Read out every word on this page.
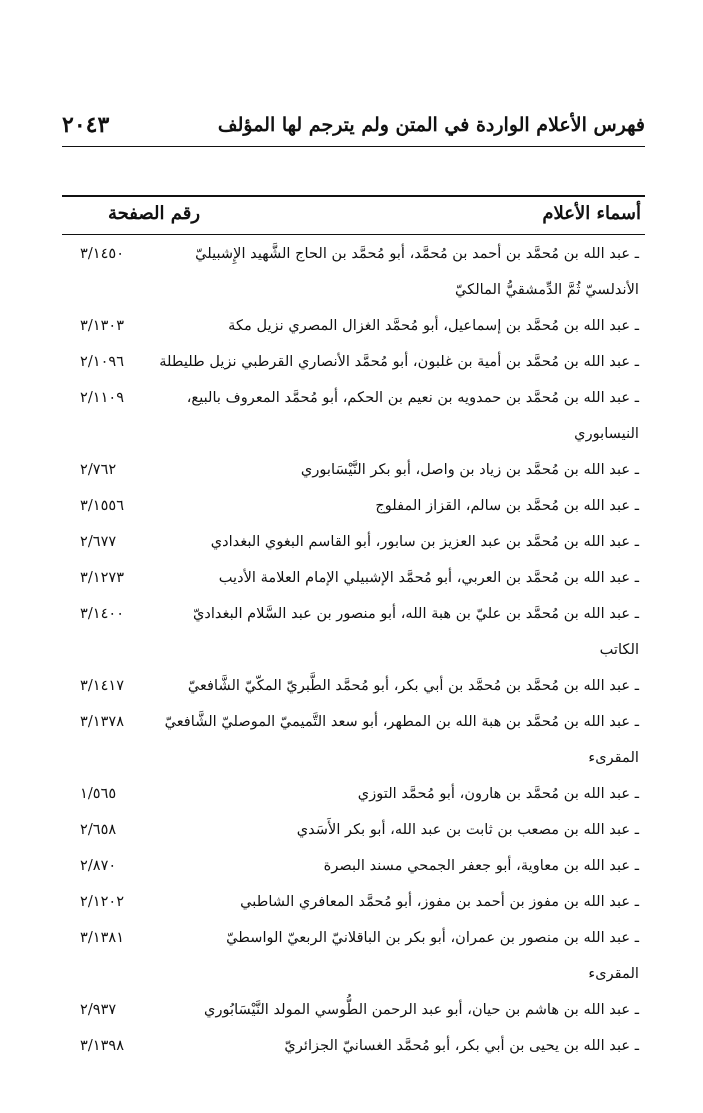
فهرس الأعلام الواردة في المتن ولم يترجم لها المؤلف
٢٠٤٣
أسماء الأعلام
رقم الصفحة
ـ عبد الله بن مُحمَّد بن أحمد بن مُحمَّد، أبو مُحمَّد بن الحاج الشَّهيد الإِشبيليّ
الأندلسيّ ثُمَّ الدِّمشقيُّ المالكيّ
٣/١٤٥٠
ـ عبد الله بن مُحمَّد بن إسماعيل، أبو مُحمَّد الغزال المصري نزيل مكة
٣/١٣٠٣
ـ عبد الله بن مُحمَّد بن أمية بن غلبون، أبو مُحمَّد الأنصاري القرطبي نزيل طليطلة
٢/١٠٩٦
ـ عبد الله بن مُحمَّد بن حمدويه بن نعيم بن الحكم، أبو مُحمَّد المعروف بالبيع،
النيسابوري
٢/١١٠٩
ـ عبد الله بن مُحمَّد بن زياد بن واصل، أبو بكر النَّيْسَابوري
٢/٧٦٢
ـ عبد الله بن مُحمَّد بن سالم، القزاز المفلوج
٣/١٥٥٦
ـ عبد الله بن مُحمَّد بن عبد العزيز بن سابور، أبو القاسم البغوي البغدادي
٢/٦٧٧
ـ عبد الله بن مُحمَّد بن العربي، أبو مُحمَّد الإشبيلي الإمام العلامة الأديب
٣/١٢٧٣
ـ عبد الله بن مُحمَّد بن عليّ بن هبة الله، أبو منصور بن عبد السَّلام البغداديّ
الكاتب
٣/١٤٠٠
ـ عبد الله بن مُحمَّد بن مُحمَّد بن أبي بكر، أبو مُحمَّد الطَّبريّ المكّيّ الشَّافعيّ
٣/١٤١٧
ـ عبد الله بن مُحمَّد بن هبة الله بن المطهر، أبو سعد التَّميميّ الموصليّ الشَّافعيّ
المقرىء
٣/١٣٧٨
ـ عبد الله بن مُحمَّد بن هارون، أبو مُحمَّد التوزي
١/٥٦٥
ـ عبد الله بن مصعب بن ثابت بن عبد الله، أبو بكر الأَسَدي
٢/٦٥٨
ـ عبد الله بن معاوية، أبو جعفر الجمحي مسند البصرة
٢/٨٧٠
ـ عبد الله بن مفوز بن أحمد بن مفوز، أبو مُحمَّد المعافري الشاطبي
٢/١٢٠٢
ـ عبد الله بن منصور بن عمران، أبو بكر بن الباقلانيّ الربعيّ الواسطيّ
المقرىء
٣/١٣٨١
ـ عبد الله بن هاشم بن حيان، أبو عبد الرحمن الطُّوسي المولد النَّيْسَابُوري
٢/٩٣٧
ـ عبد الله بن يحيى بن أبي بكر، أبو مُحمَّد الغسانيّ الجزائريّ
٣/١٣٩٨
